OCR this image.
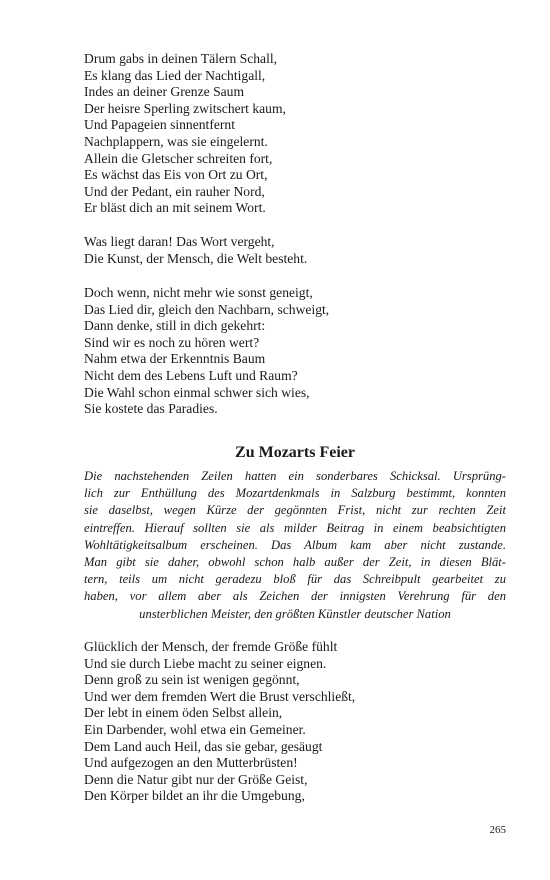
Drum gabs in deinen Tälern Schall,
Es klang das Lied der Nachtigall,
Indes an deiner Grenze Saum
Der heisre Sperling zwitschert kaum,
Und Papageien sinnentfernt
Nachplappern, was sie eingelernt.
Allein die Gletscher schreiten fort,
Es wächst das Eis von Ort zu Ort,
Und der Pedant, ein rauher Nord,
Er bläst dich an mit seinem Wort.
Was liegt daran! Das Wort vergeht,
Die Kunst, der Mensch, die Welt besteht.
Doch wenn, nicht mehr wie sonst geneigt,
Das Lied dir, gleich den Nachbarn, schweigt,
Dann denke, still in dich gekehrt:
Sind wir es noch zu hören wert?
Nahm etwa der Erkenntnis Baum
Nicht dem des Lebens Luft und Raum?
Die Wahl schon einmal schwer sich wies,
Sie kostete das Paradies.
Zu Mozarts Feier
Die nachstehenden Zeilen hatten ein sonderbares Schicksal. Ursprüng-
lich zur Enthüllung des Mozartdenkmals in Salzburg bestimmt, konnten
sie daselbst, wegen Kürze der gegönnten Frist, nicht zur rechten Zeit
eintreffen. Hierauf sollten sie als milder Beitrag in einem beabsichtigten
Wohltätigkeitsalbum erscheinen. Das Album kam aber nicht zustande.
Man gibt sie daher, obwohl schon halb außer der Zeit, in diesen Blät-
tern, teils um nicht geradezu bloß für das Schreibpult gearbeitet zu
haben, vor allem aber als Zeichen der innigsten Verehrung für den
unsterblichen Meister, den größten Künstler deutscher Nation
Glücklich der Mensch, der fremde Größe fühlt
Und sie durch Liebe macht zu seiner eignen.
Denn groß zu sein ist wenigen gegönnt,
Und wer dem fremden Wert die Brust verschließt,
Der lebt in einem öden Selbst allein,
Ein Darbender, wohl etwa ein Gemeiner.
Dem Land auch Heil, das sie gebar, gesäugt
Und aufgezogen an den Mutterbrüsten!
Denn die Natur gibt nur der Größe Geist,
Den Körper bildet an ihr die Umgebung,
265
